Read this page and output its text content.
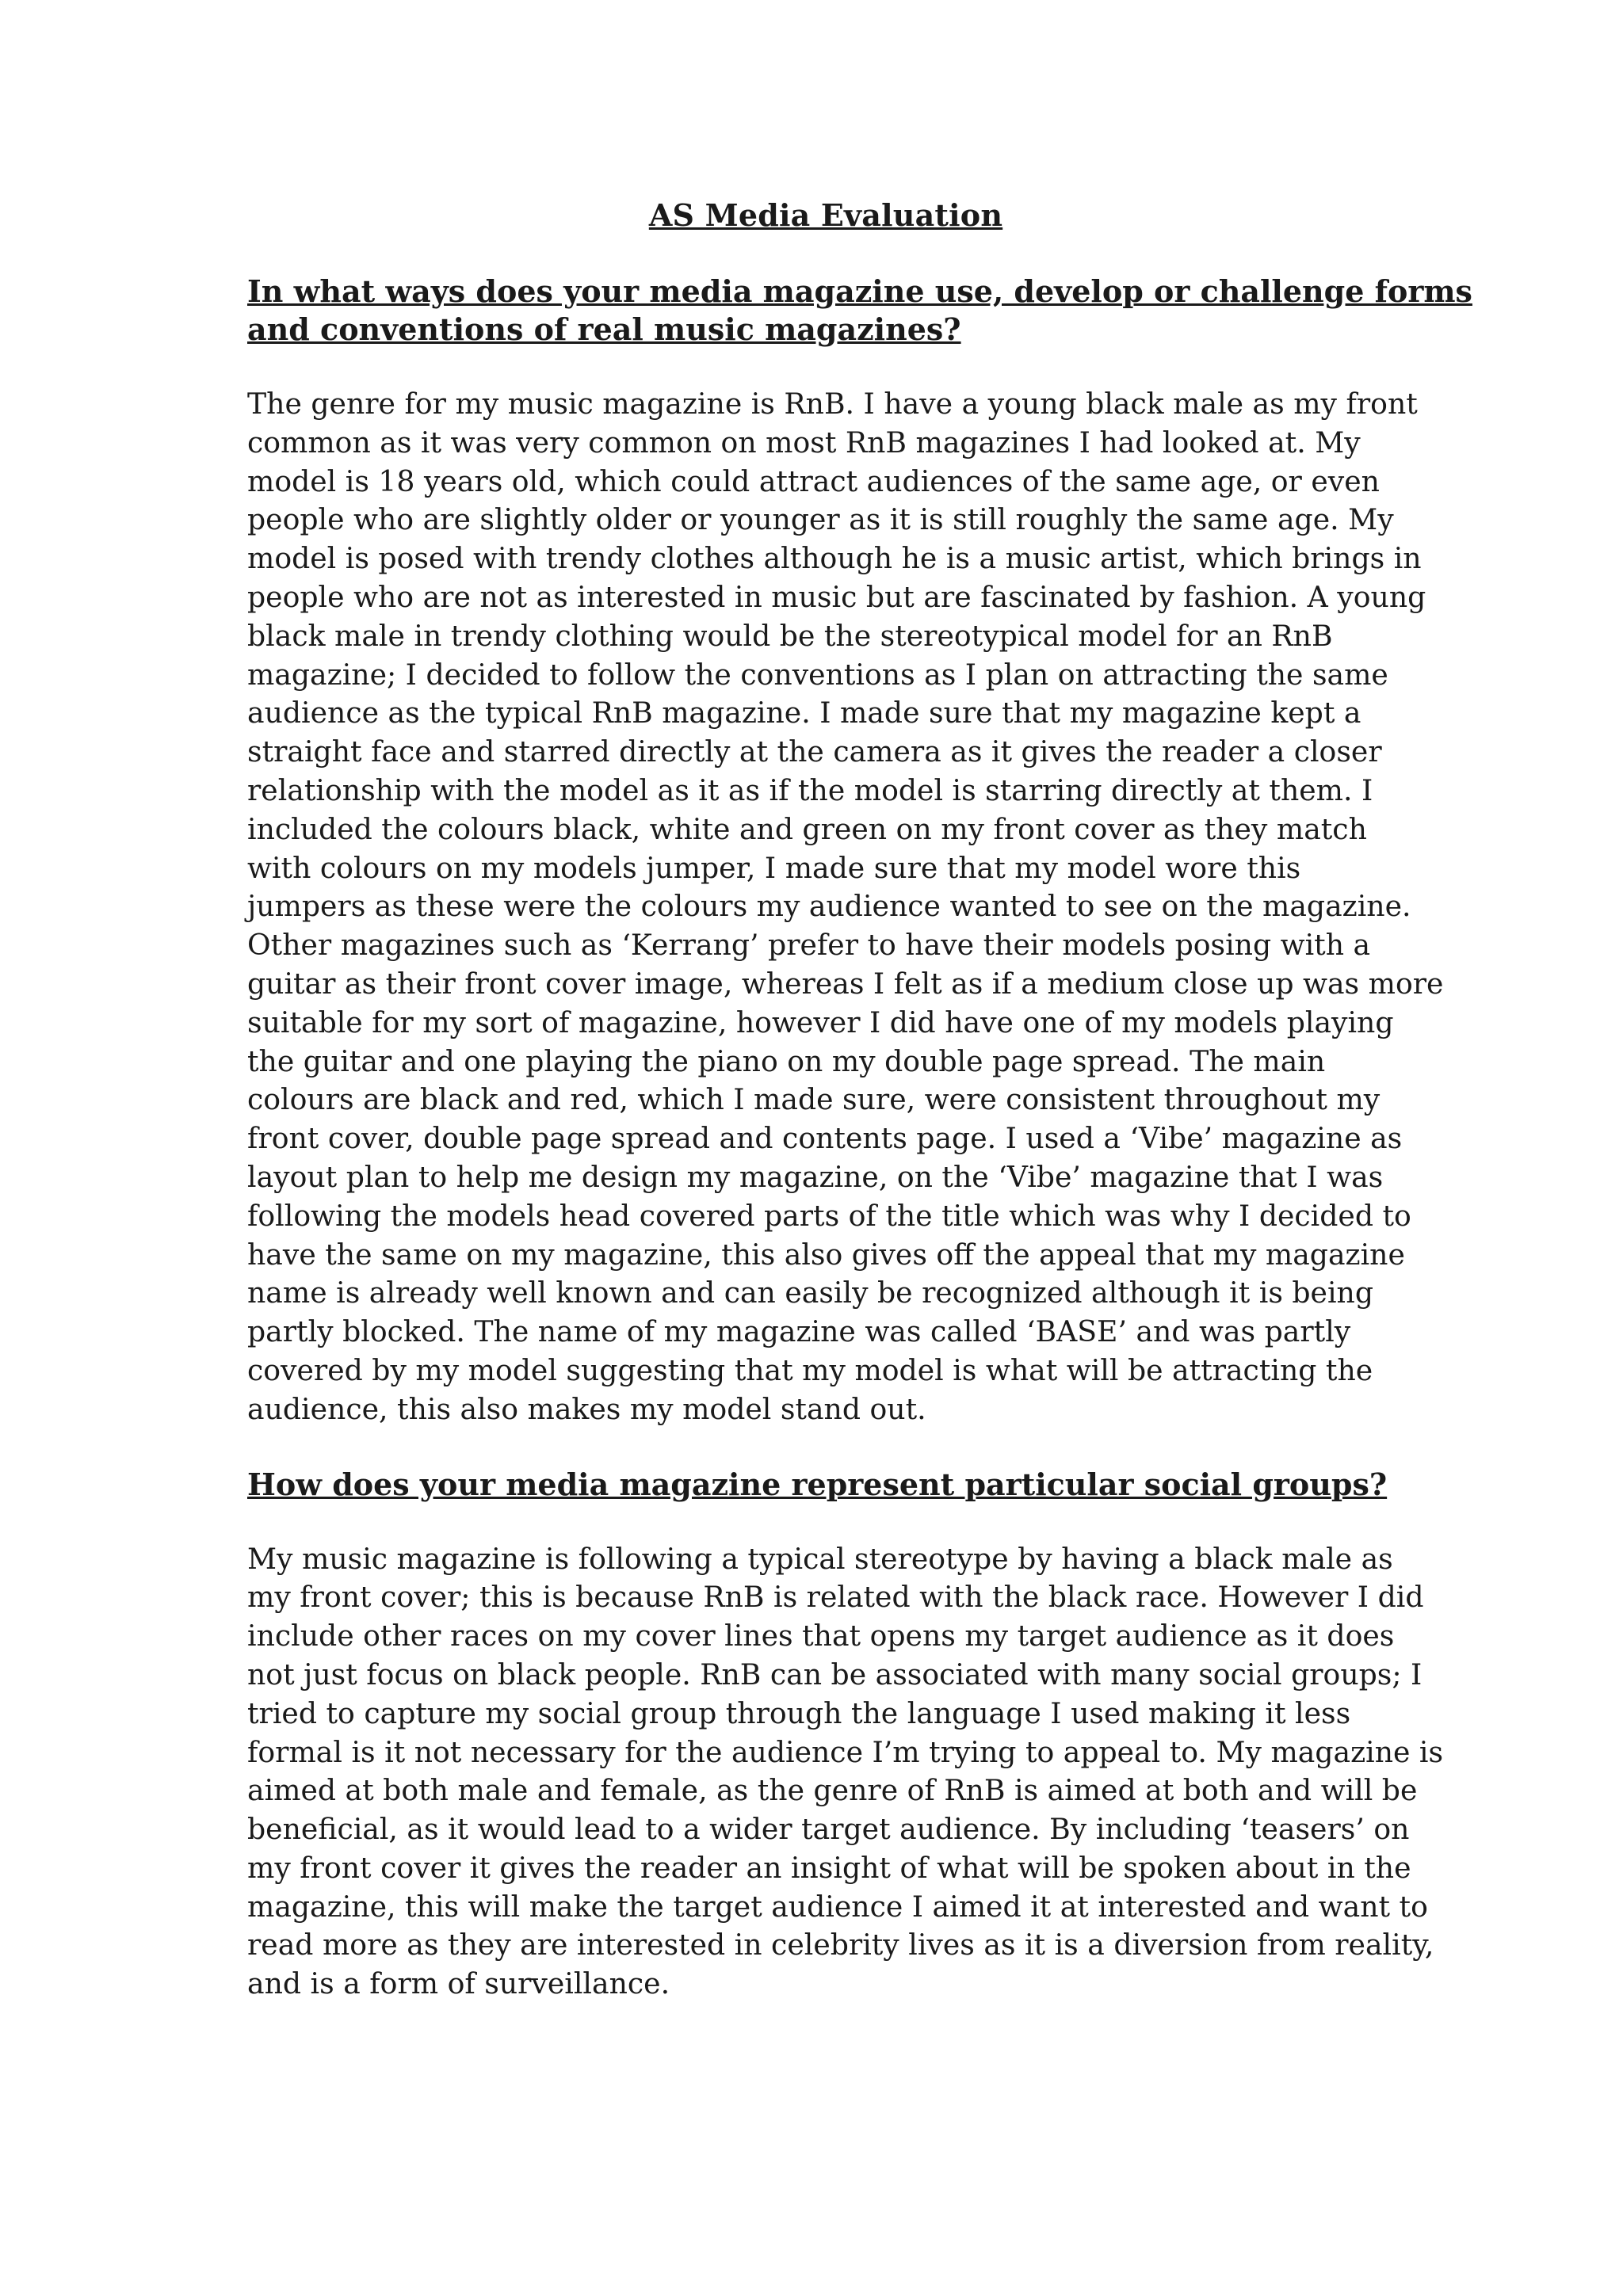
AS Media Evaluation
In what ways does your media magazine use, develop or challenge forms
and conventions of real music magazines?
The genre for my music magazine is RnB. I have a young black male as my front
common as it was very common on most RnB magazines I had looked at. My
model is 18 years old, which could attract audiences of the same age, or even
people who are slightly older or younger as it is still roughly the same age. My
model is posed with trendy clothes although he is a music artist, which brings in
people who are not as interested in music but are fascinated by fashion. A young
black male in trendy clothing would be the stereotypical model for an RnB
magazine; I decided to follow the conventions as I plan on attracting the same
audience as the typical RnB magazine. I made sure that my magazine kept a
straight face and starred directly at the camera as it gives the reader a closer
relationship with the model as it as if the model is starring directly at them. I
included the colours black, white and green on my front cover as they match
with colours on my models jumper, I made sure that my model wore this
jumpers as these were the colours my audience wanted to see on the magazine.
Other magazines such as ‘Kerrang’ prefer to have their models posing with a
guitar as their front cover image, whereas I felt as if a medium close up was more
suitable for my sort of magazine, however I did have one of my models playing
the guitar and one playing the piano on my double page spread. The main
colours are black and red, which I made sure, were consistent throughout my
front cover, double page spread and contents page. I used a ‘Vibe’ magazine as
layout plan to help me design my magazine, on the ‘Vibe’ magazine that I was
following the models head covered parts of the title which was why I decided to
have the same on my magazine, this also gives off the appeal that my magazine
name is already well known and can easily be recognized although it is being
partly blocked. The name of my magazine was called ‘BASE’ and was partly
covered by my model suggesting that my model is what will be attracting the
audience, this also makes my model stand out.
How does your media magazine represent particular social groups?
My music magazine is following a typical stereotype by having a black male as
my front cover; this is because RnB is related with the black race. However I did
include other races on my cover lines that opens my target audience as it does
not just focus on black people. RnB can be associated with many social groups; I
tried to capture my social group through the language I used making it less
formal is it not necessary for the audience I’m trying to appeal to. My magazine is
aimed at both male and female, as the genre of RnB is aimed at both and will be
beneficial, as it would lead to a wider target audience. By including ‘teasers’ on
my front cover it gives the reader an insight of what will be spoken about in the
magazine, this will make the target audience I aimed it at interested and want to
read more as they are interested in celebrity lives as it is a diversion from reality,
and is a form of surveillance.
